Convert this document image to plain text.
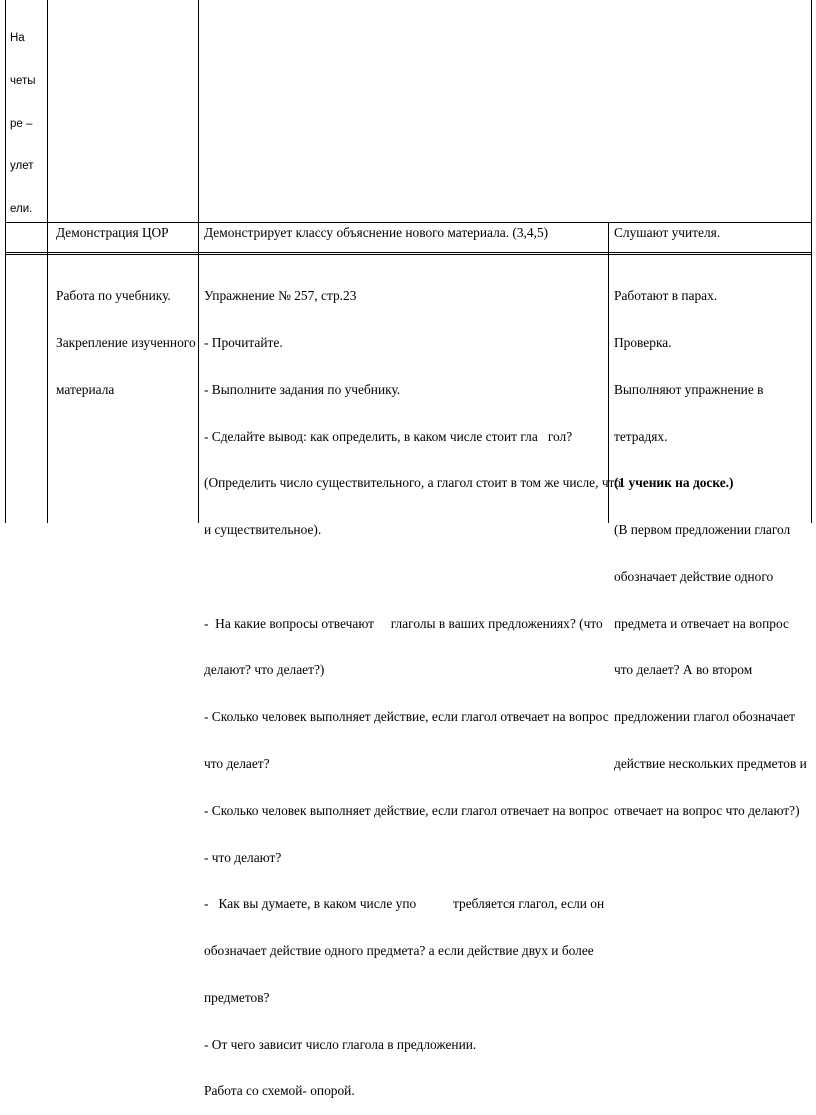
На

четы

ре –

улет

ели.

Демонстрация ЦОР	Демонстрирует классу объяснение нового материала. (3,4,5)	Слушают учителя.

Работа по учебнику.

Закрепление изученного

материала

Упражнение № 257, стр.23

- Прочитайте.

- Выполните задания по учебнику.

- Сделайте вывод: как определить, в каком числе стоит гла   гол?

(Определить число существительного, а глагол стоит в том же числе, что

и существительное).

-  На какие вопросы отвечают     глаголы в ваших предложениях? (что

делают? что делает?)

- Сколько человек выполняет действие, если глагол отвечает на вопрос

что делает?

- Сколько человек выполняет действие, если глагол отвечает на вопрос

- что делают?

-   Как вы думаете, в каком числе упо           требляется глагол, если он

обозначает действие одного предмета? а если действие двух и более

предметов?

- От чего зависит число глагола в предложении.

Работа со схемой- опорой.

Работают в парах.

Проверка.

Выполняют упражнение в

тетрадях.

(1 ученик на доске.)

(В первом предложении глагол

обозначает действие одного

предмета и отвечает на вопрос

что делает? А во втором

предложении глагол обозначает

действие нескольких предметов и

отвечает на вопрос что делают?)
